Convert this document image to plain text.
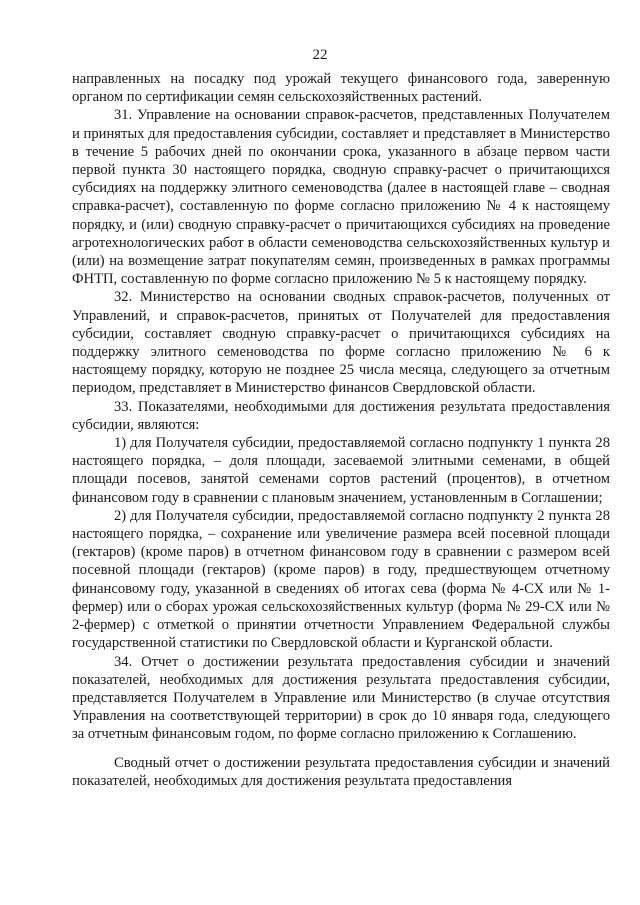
22

направленных на посадку под урожай текущего финансового года, заверенную органом по сертификации семян сельскохозяйственных растений.

31. Управление на основании справок-расчетов, представленных Получателем и принятых для предоставления субсидии, составляет и представляет в Министерство в течение 5 рабочих дней по окончании срока, указанного в абзаце первом части первой пункта 30 настоящего порядка, сводную справку-расчет о причитающихся субсидиях на поддержку элитного семеноводства (далее в настоящей главе – сводная справка-расчет), составленную по форме согласно приложению № 4 к настоящему порядку, и (или) сводную справку-расчет о причитающихся субсидиях на проведение агротехнологических работ в области семеноводства сельскохозяйственных культур и (или) на возмещение затрат покупателям семян, произведенных в рамках программы ФНТП, составленную по форме согласно приложению № 5 к настоящему порядку.

32. Министерство на основании сводных справок-расчетов, полученных от Управлений, и справок-расчетов, принятых от Получателей для предоставления субсидии, составляет сводную справку-расчет о причитающихся субсидиях на поддержку элитного семеноводства по форме согласно приложению № 6 к настоящему порядку, которую не позднее 25 числа месяца, следующего за отчетным периодом, представляет в Министерство финансов Свердловской области.

33. Показателями, необходимыми для достижения результата предоставления субсидии, являются:

1) для Получателя субсидии, предоставляемой согласно подпункту 1 пункта 28 настоящего порядка, – доля площади, засеваемой элитными семенами, в общей площади посевов, занятой семенами сортов растений (процентов), в отчетном финансовом году в сравнении с плановым значением, установленным в Соглашении;

2) для Получателя субсидии, предоставляемой согласно подпункту 2 пункта 28 настоящего порядка, – сохранение или увеличение размера всей посевной площади (гектаров) (кроме паров) в отчетном финансовом году в сравнении с размером всей посевной площади (гектаров) (кроме паров) в году, предшествующем отчетному финансовому году, указанной в сведениях об итогах сева (форма № 4-СХ или № 1-фермер) или о сборах урожая сельскохозяйственных культур (форма № 29-СХ или № 2-фермер) с отметкой о принятии отчетности Управлением Федеральной службы государственной статистики по Свердловской области и Курганской области.

34. Отчет о достижении результата предоставления субсидии и значений показателей, необходимых для достижения результата предоставления субсидии, представляется Получателем в Управление или Министерство (в случае отсутствия Управления на соответствующей территории) в срок до 10 января года, следующего за отчетным финансовым годом, по форме согласно приложению к Соглашению.

Сводный отчет о достижении результата предоставления субсидии и значений показателей, необходимых для достижения результата предоставления
